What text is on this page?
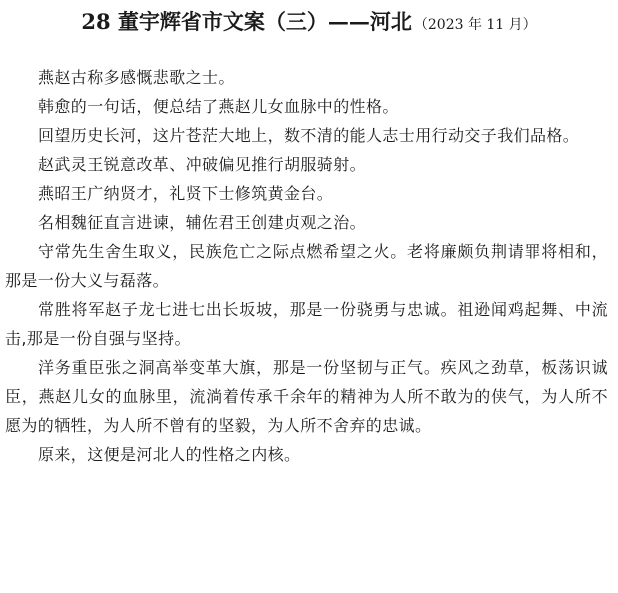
28 董宇辉省市文案（三）——河北 （2023 年 11 月）

燕赵古称多感慨悲歌之士。

韩愈的一句话，便总结了燕赵儿女血脉中的性格。

回望历史长河，这片苍茫大地上，数不清的能人志士用行动交子我们品格。

赵武灵王锐意改革、冲破偏见推行胡服骑射。

燕昭王广纳贤才，礼贤下士修筑黄金台。

名相魏征直言进谏，辅佐君王创建贞观之治。

守常先生舍生取义，民族危亡之际点燃希望之火。老将廉颇负荆请罪将相和，那是一份大义与磊落。

常胜将军赵子龙七进七出长坂坡，那是一份骁勇与忠诚。祖逊闻鸡起舞、中流击,那是一份自强与坚持。

洋务重臣张之洞高举变革大旗，那是一份坚韧与正气。疾风之劲草，板荡识诚臣，燕赵儿女的血脉里，流淌着传承千余年的精神为人所不敢为的侠气，为人所不愿为的牺牲，为人所不曾有的坚毅，为人所不舍弃的忠诚。

原来，这便是河北人的性格之内核。
